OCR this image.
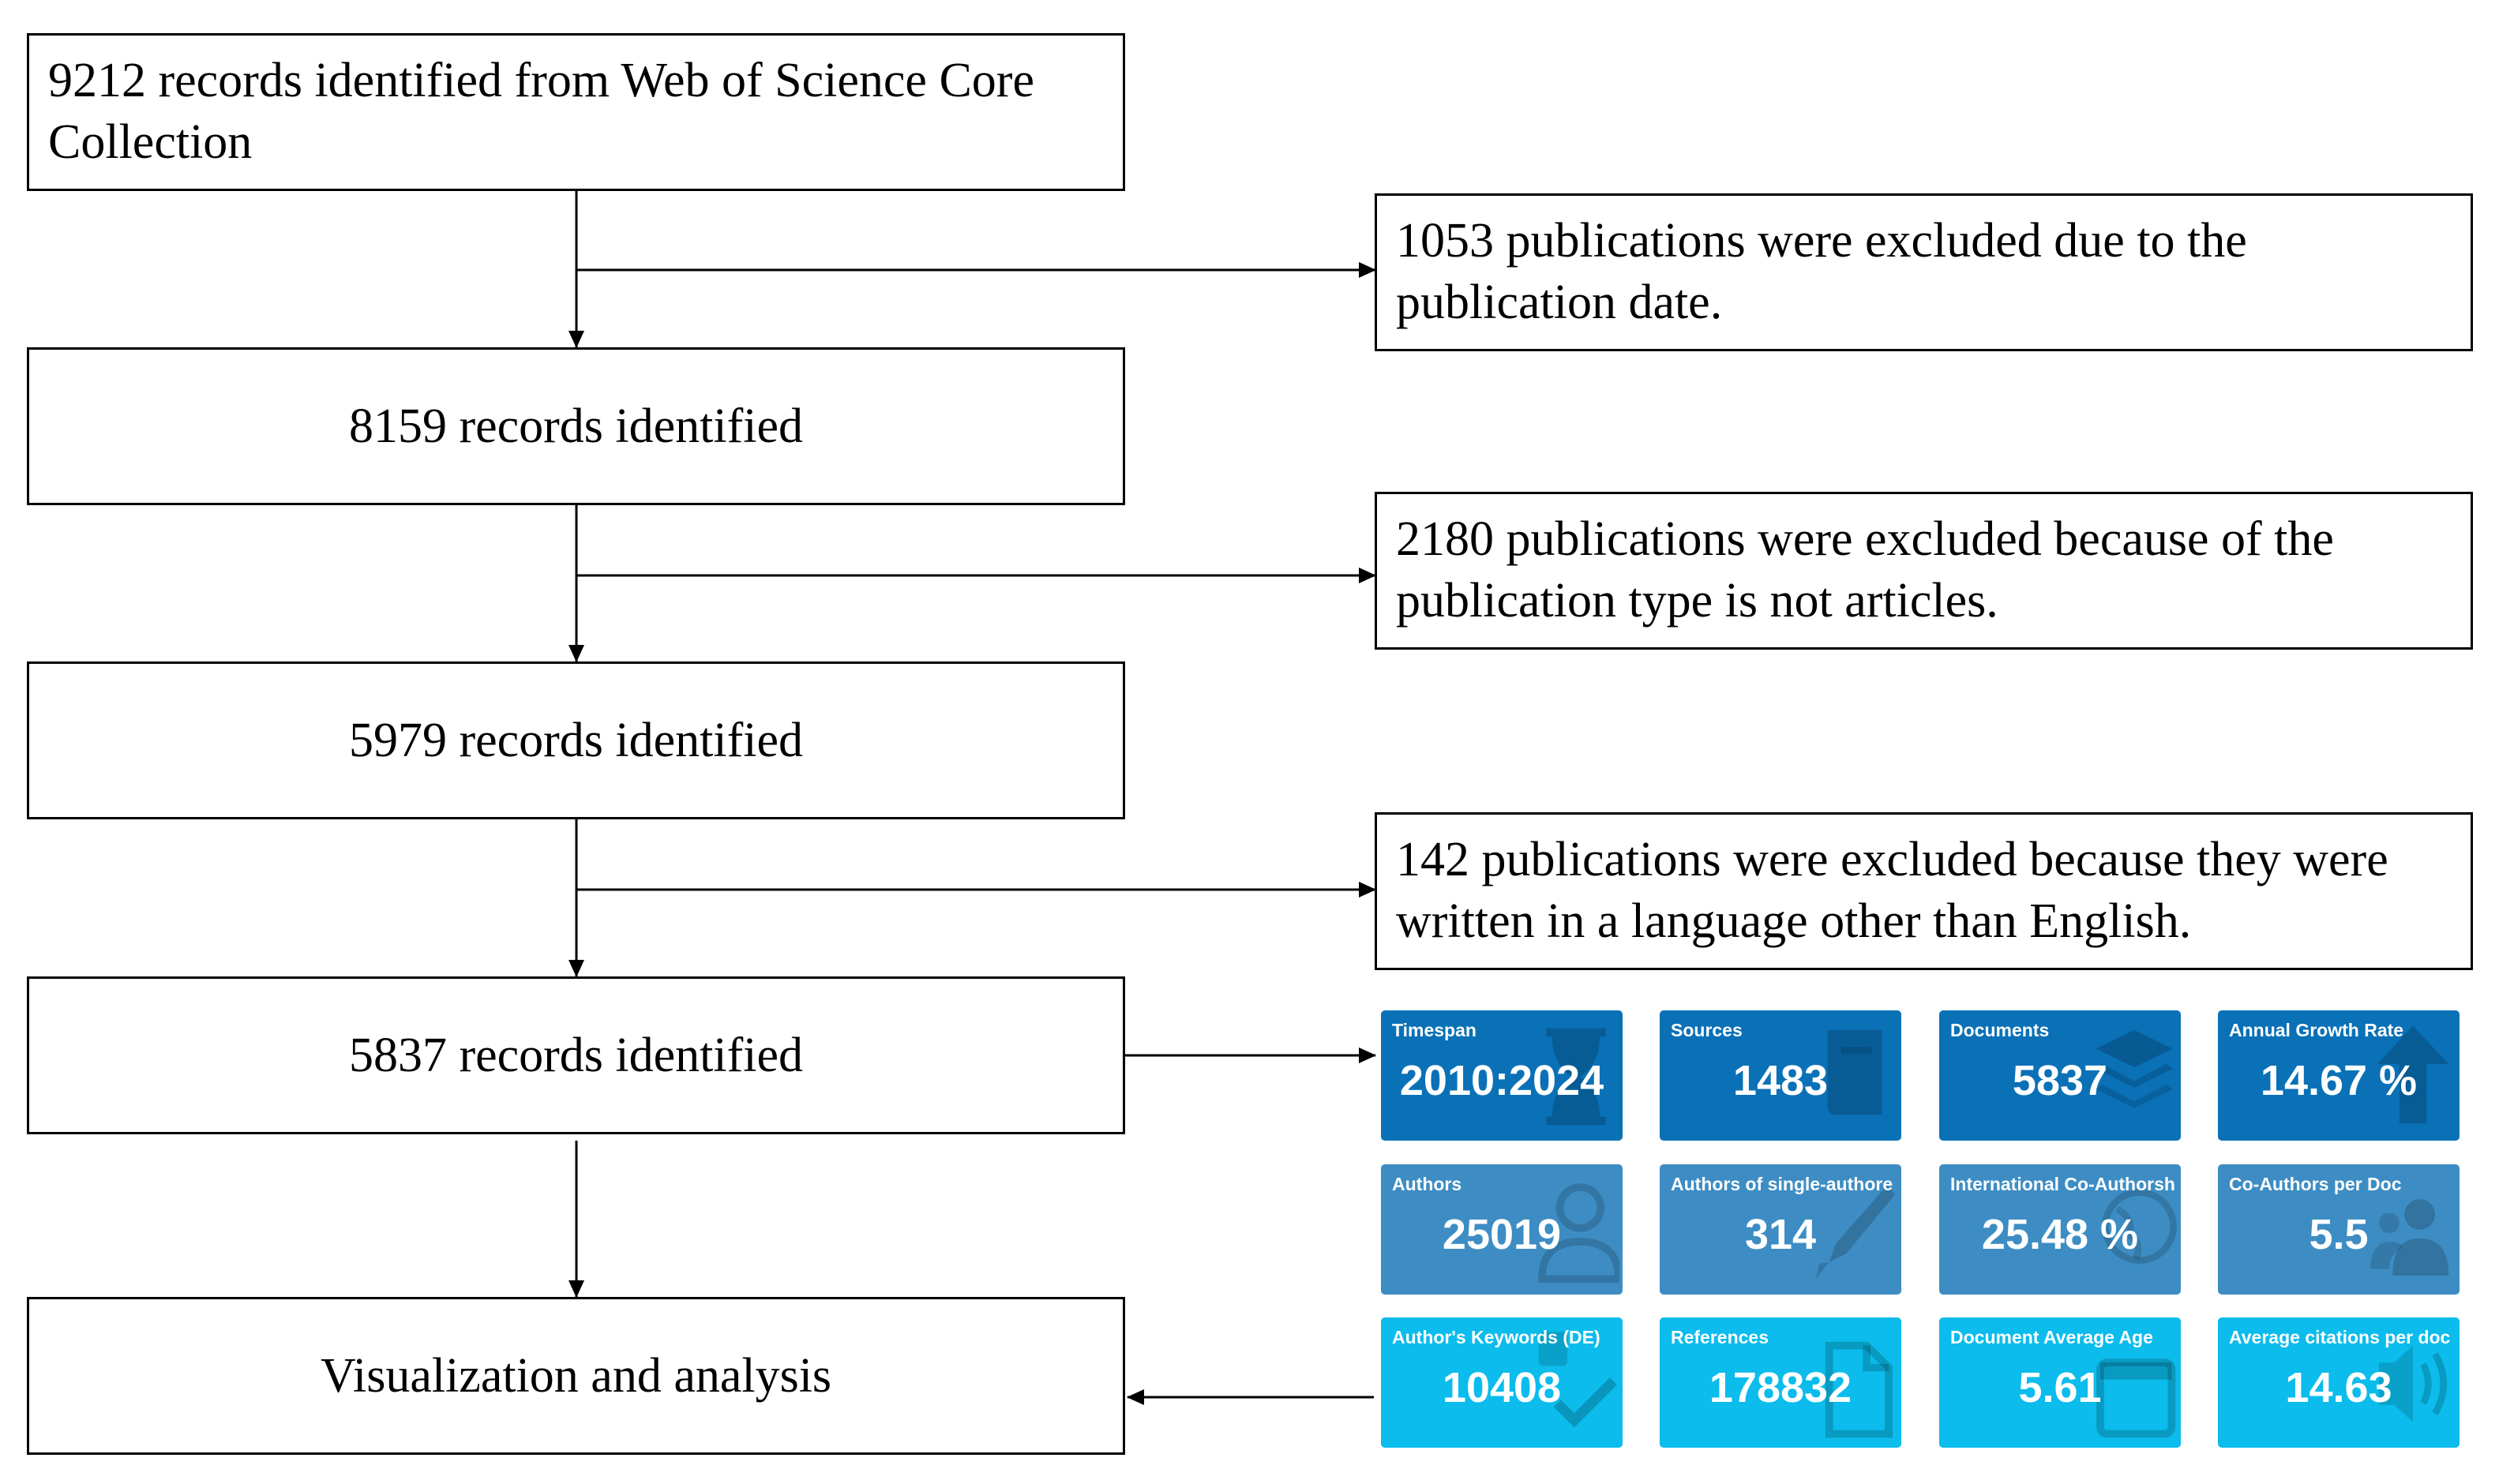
9212 records identified from Web of Science Core Collection
8159 records identified
5979 records identified
5837 records identified
Visualization and analysis
1053 publications were excluded due to the publication date.
2180 publications were excluded because of the publication type is not articles.
142 publications were excluded because they were written in a language other than English.
Timespan
2010:2024
Sources
1483
Documents
5837
Annual Growth Rate
14.67 %
Authors
25019
Authors of single-authore
314
International Co-Authorsh
25.48 %
Co-Authors per Doc
5.5
Author's Keywords (DE)
10408
References
178832
Document Average Age
5.61
Average citations per doc
14.63
